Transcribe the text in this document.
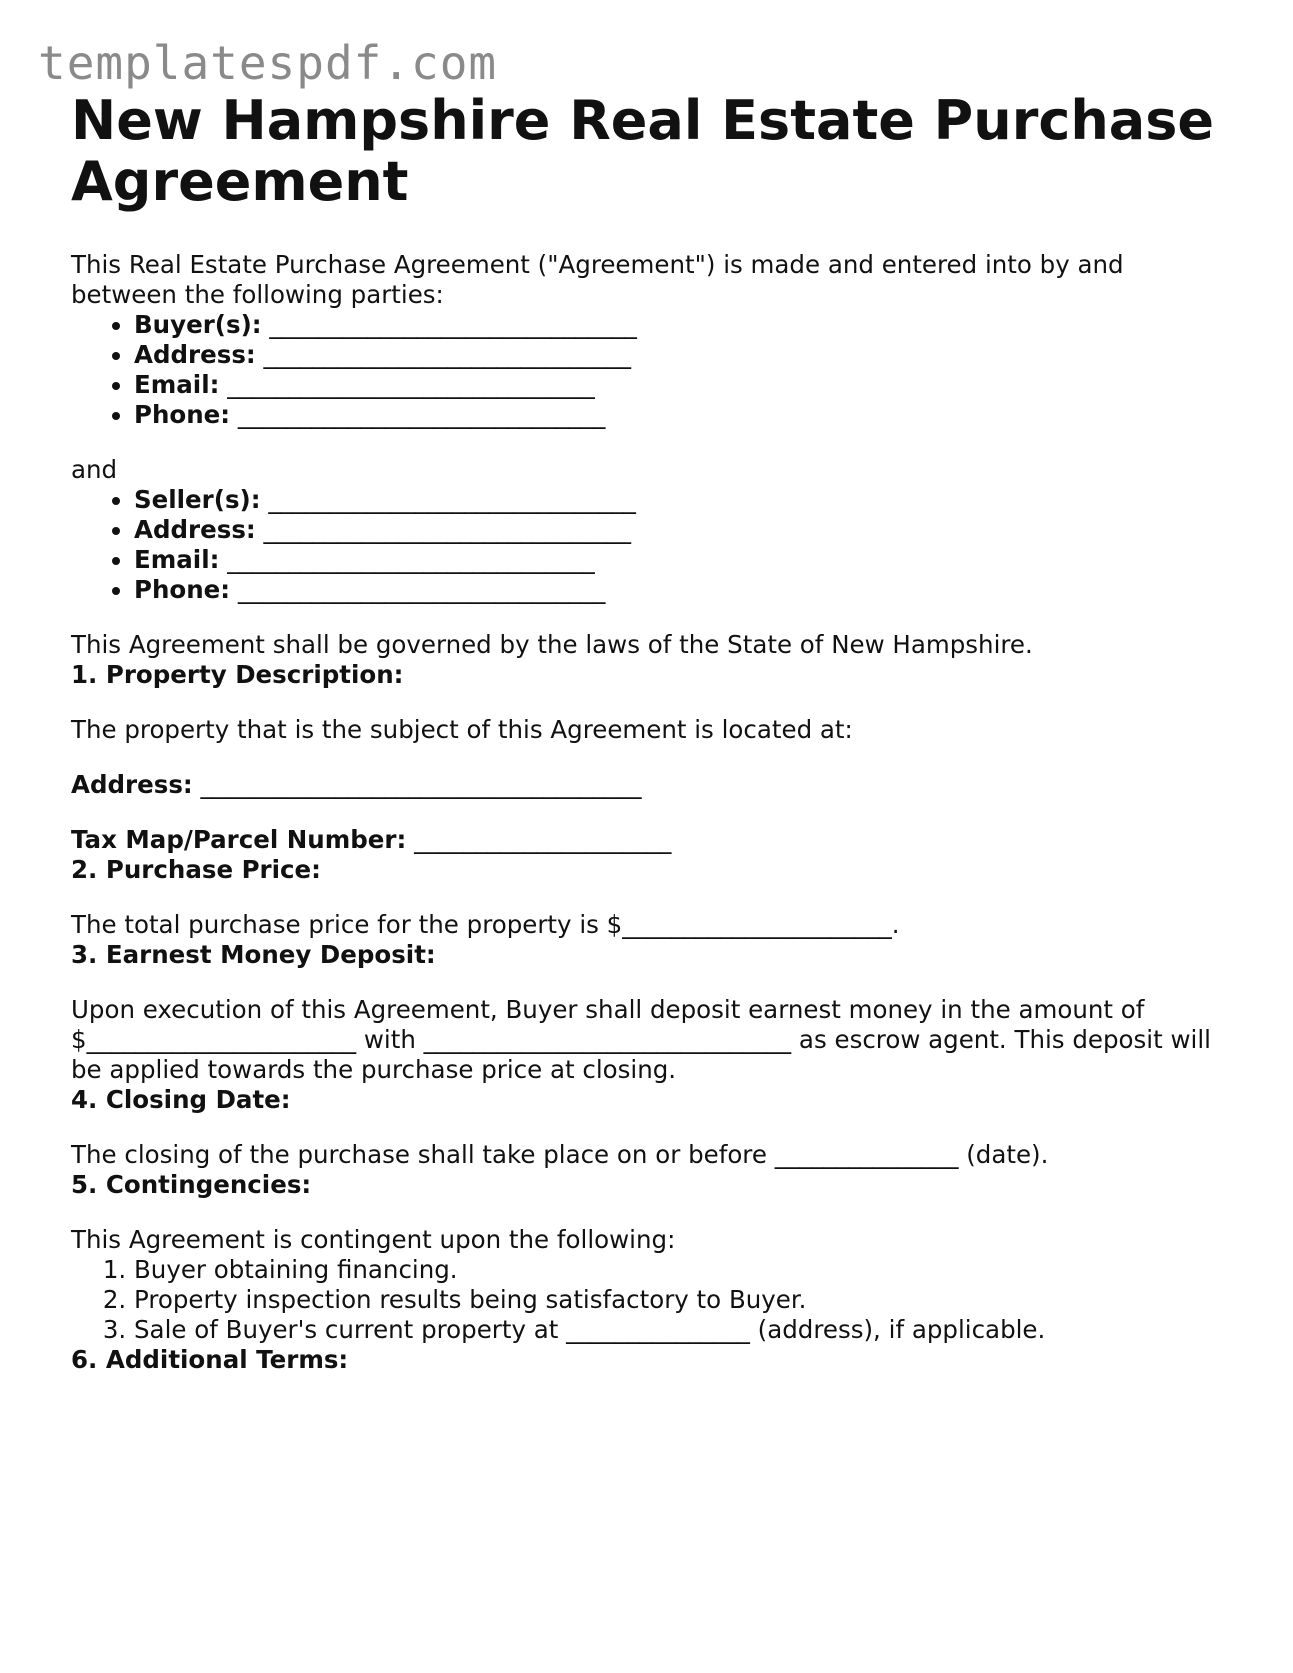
templatespdf.com
New Hampshire Real Estate Purchase Agreement

This Real Estate Purchase Agreement ("Agreement") is made and entered into by and between the following parties:

• Buyer(s): ______________________________
• Address: ______________________________
• Email: ______________________________
• Phone: ______________________________

and

• Seller(s): ______________________________
• Address: ______________________________
• Email: ______________________________
• Phone: ______________________________

This Agreement shall be governed by the laws of the State of New Hampshire.

1. Property Description:

The property that is the subject of this Agreement is located at:

Address: ____________________________________

Tax Map/Parcel Number: _____________________

2. Purchase Price:

The total purchase price for the property is $______________________.

3. Earnest Money Deposit:

Upon execution of this Agreement, Buyer shall deposit earnest money in the amount of $______________________ with ______________________________ as escrow agent. This deposit will be applied towards the purchase price at closing.

4. Closing Date:

The closing of the purchase shall take place on or before _______________ (date).

5. Contingencies:

This Agreement is contingent upon the following:

1. Buyer obtaining financing.
2. Property inspection results being satisfactory to Buyer.
3. Sale of Buyer's current property at _______________ (address), if applicable.

6. Additional Terms:
